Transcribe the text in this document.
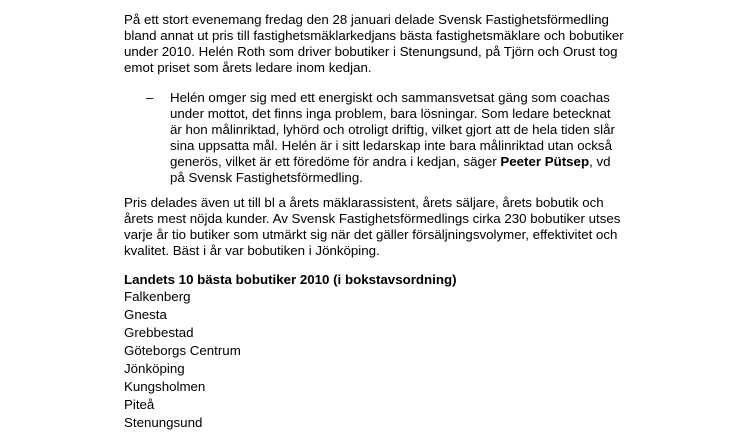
På ett stort evenemang fredag den 28 januari delade Svensk Fastighetsförmedling bland annat ut pris till fastighetsmäklarkedjans bästa fastighetsmäklare och bobutiker under 2010. Helén Roth som driver bobutiker i Stenungsund, på Tjörn och Orust tog emot priset som årets ledare inom kedjan.

– Helén omger sig med ett energiskt och sammansvetsat gäng som coachas under mottot, det finns inga problem, bara lösningar. Som ledare betecknat är hon målinriktad, lyhörd och otroligt driftig, vilket gjort att de hela tiden slår sina uppsatta mål. Helén är i sitt ledarskap inte bara målinriktad utan också generös, vilket är ett föredöme för andra i kedjan, säger Peeter Pütsep, vd på Svensk Fastighetsförmedling.

Pris delades även ut till bl a årets mäklarassistent, årets säljare, årets bobutik och årets mest nöjda kunder. Av Svensk Fastighetsförmedlings cirka 230 bobutiker utses varje år tio butiker som utmärkt sig när det gäller försäljningsvolymer, effektivitet och kvalitet. Bäst i år var bobutiken i Jönköping.

Landets 10 bästa bobutiker 2010 (i bokstavsordning)

Falkenberg
Gnesta
Grebbestad
Göteborgs Centrum
Jönköping
Kungsholmen
Piteå
Stenungsund
